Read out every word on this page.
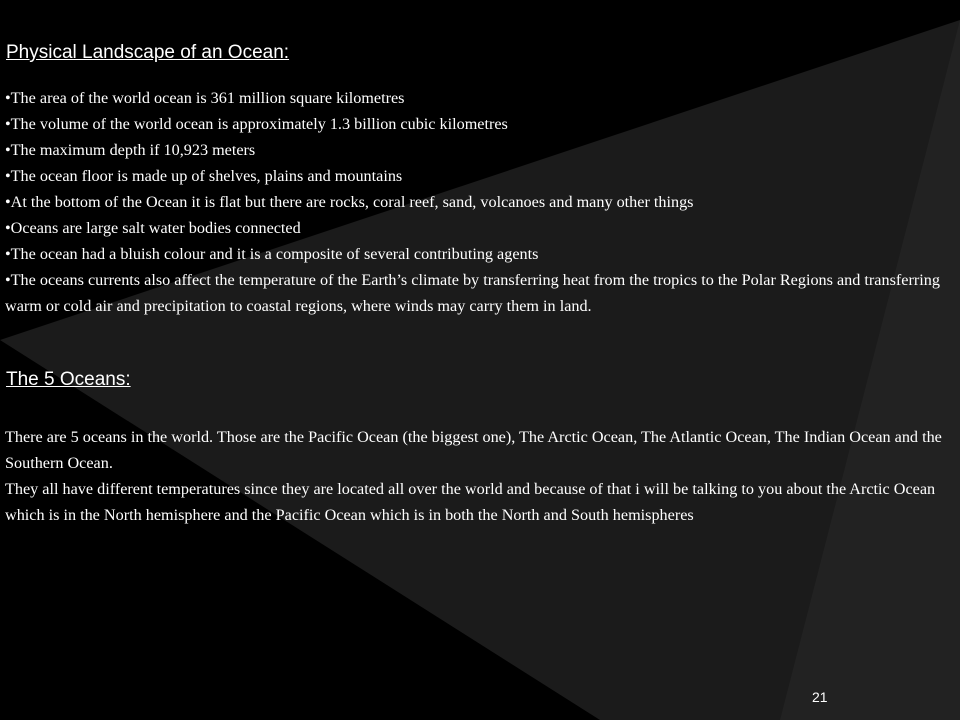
Physical Landscape of an Ocean:
• The area of the world ocean is 361 million square kilometres
• The volume of the world ocean is approximately 1.3 billion cubic kilometres
• The maximum depth if 10,923 meters
• The ocean floor is made up of shelves, plains and mountains
• At the bottom of the Ocean it is flat but there are rocks, coral reef, sand, volcanoes and many other things
• Oceans are large salt water bodies connected
• The ocean had a bluish colour and it is a composite of several contributing agents
• The oceans currents also affect the temperature of the Earth’s climate by transferring heat from the tropics to the Polar Regions and transferring warm or cold air and precipitation to coastal regions, where winds may carry them in land.
The 5 Oceans:

There are 5 oceans in the world. Those are the Pacific Ocean (the biggest one), The Arctic Ocean, The Atlantic Ocean, The Indian Ocean and the Southern Ocean.

They all have different temperatures since they are located all over the world and because of that i will be talking to you about the Arctic Ocean which is in the North hemisphere and the Pacific Ocean which is in both the North and South hemispheres

21
